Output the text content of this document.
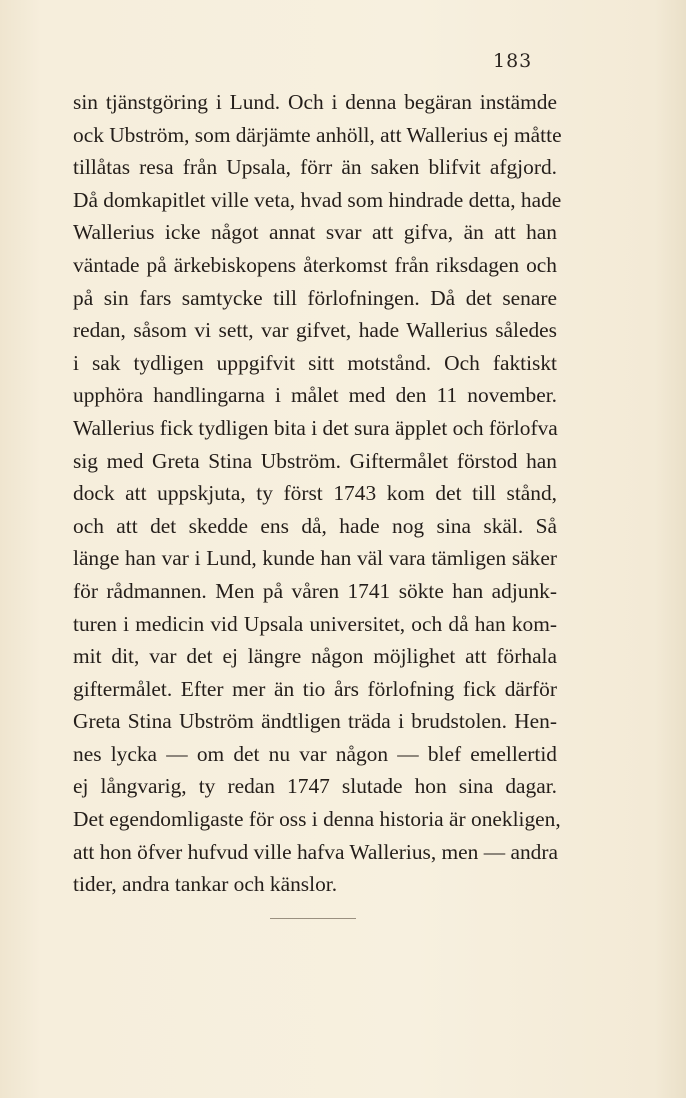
183
sin tjänstgöring i Lund. Och i denna begäran instämde
ock Ubström, som därjämte anhöll, att Wallerius ej måtte
tillåtas resa från Upsala, förr än saken blifvit afgjord.
Då domkapitlet ville veta, hvad som hindrade detta, hade
Wallerius icke något annat svar att gifva, än att han
väntade på ärkebiskopens återkomst från riksdagen och
på sin fars samtycke till förlofningen. Då det senare
redan, såsom vi sett, var gifvet, hade Wallerius således
i sak tydligen uppgifvit sitt motstånd. Och faktiskt
upphöra handlingarna i målet med den 11 november.
Wallerius fick tydligen bita i det sura äpplet och förlofva
sig med Greta Stina Ubström. Giftermålet förstod han
dock att uppskjuta, ty först 1743 kom det till stånd,
och att det skedde ens då, hade nog sina skäl. Så
länge han var i Lund, kunde han väl vara tämligen säker
för rådmannen. Men på våren 1741 sökte han adjunk-
turen i medicin vid Upsala universitet, och då han kom-
mit dit, var det ej längre någon möjlighet att förhala
giftermålet. Efter mer än tio års förlofning fick därför
Greta Stina Ubström ändtligen träda i brudstolen. Hen-
nes lycka — om det nu var någon — blef emellertid
ej långvarig, ty redan 1747 slutade hon sina dagar.
Det egendomligaste för oss i denna historia är onekligen,
att hon öfver hufvud ville hafva Wallerius, men — andra
tider, andra tankar och känslor.
